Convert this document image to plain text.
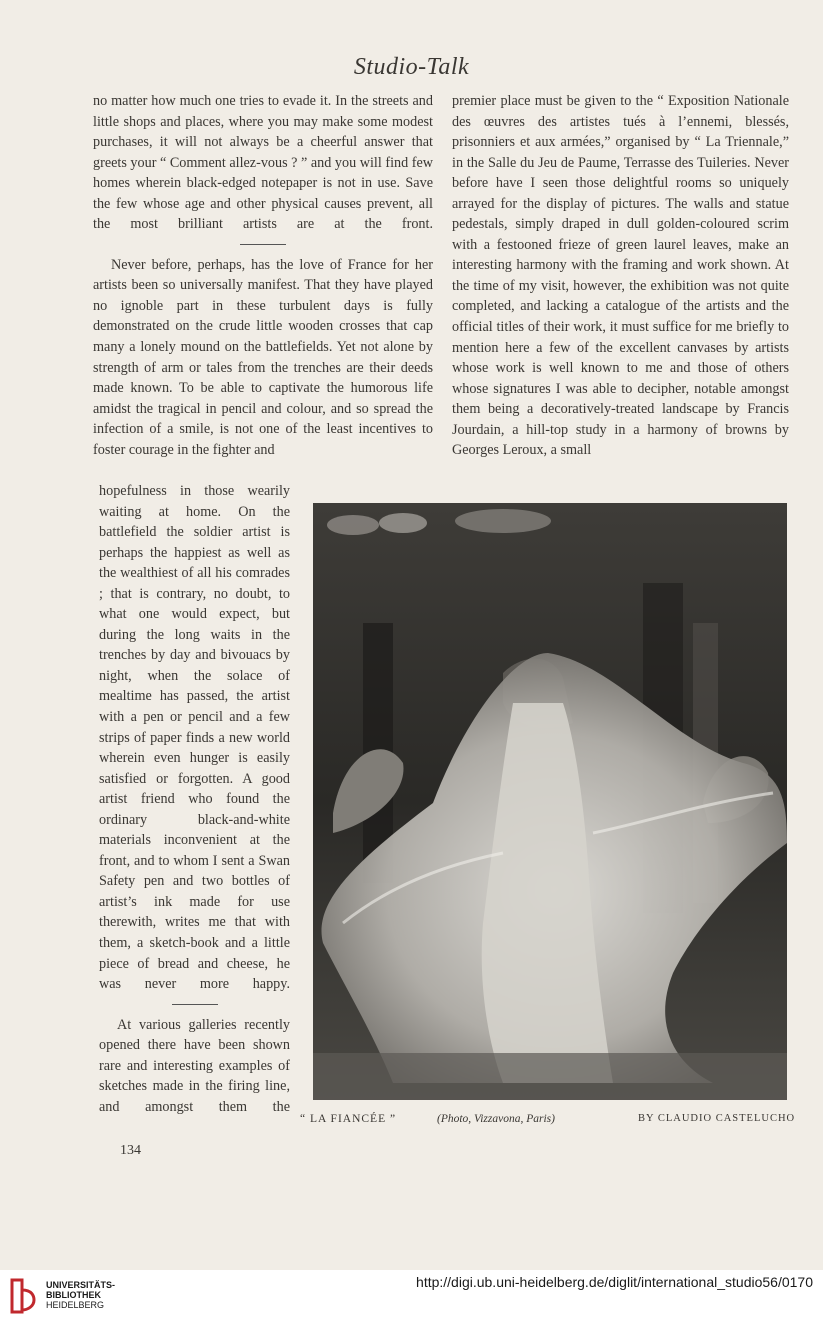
Studio-Talk

no matter how much one tries to evade it. In the streets and little shops and places, where you may make some modest purchases, it will not always be a cheerful answer that greets your “ Comment allez-vous ? ” and you will find few homes wherein black-edged notepaper is not in use. Save the few whose age and other physical causes prevent, all the most brilliant artists are at the front.

Never before, perhaps, has the love of France for her artists been so universally manifest. That they have played no ignoble part in these turbulent days is fully demonstrated on the crude little wooden crosses that cap many a lonely mound on the battlefields. Yet not alone by strength of arm or tales from the trenches are their deeds made known. To be able to captivate the humorous life amidst the tragical in pencil and colour, and so spread the infection of a smile, is not one of the least incentives to foster courage in the fighter and

hopefulness in those wearily waiting at home. On the battlefield the soldier artist is perhaps the happiest as well as the wealthiest of all his comrades ; that is contrary, no doubt, to what one would expect, but during the long waits in the trenches by day and bivouacs by night, when the solace of mealtime has passed, the artist with a pen or pencil and a few strips of paper finds a new world wherein even hunger is easily satisfied or forgotten. A good artist friend who found the ordinary black-and-white materials inconvenient at the front, and to whom I sent a Swan Safety pen and two bottles of artist’s ink made for use therewith, writes me that with them, a sketch-book and a little piece of bread and cheese, he was never more happy.

At various galleries recently opened there have been shown rare and interesting examples of sketches made in the firing line, and amongst them the

premier place must be given to the “ Exposition Nationale des œuvres des artistes tués à l’ennemi, blessés, prisonniers et aux armées,” organised by “ La Triennale,” in the Salle du Jeu de Paume, Terrasse des Tuileries. Never before have I seen those delightful rooms so uniquely arrayed for the display of pictures. The walls and statue pedestals, simply draped in dull golden-coloured scrim with a festooned frieze of green laurel leaves, make an interesting harmony with the framing and work shown. At the time of my visit, however, the exhibition was not quite completed, and lacking a catalogue of the artists and the official titles of their work, it must suffice for me briefly to mention here a few of the excellent canvases by artists whose work is well known to me and those of others whose signatures I was able to decipher, notable amongst them being a decoratively-treated landscape by Francis Jourdain, a hill-top study in a harmony of browns by Georges Leroux, a small

“ LA FIANCÉE ”	(Photo, Vizzavona, Paris)	BY CLAUDIO CASTELUCHO
134
UNIVERSITÄTS-
BIBLIOTHEK
HEIDELBERG
http://digi.ub.uni-heidelberg.de/diglit/international_studio56/0170
